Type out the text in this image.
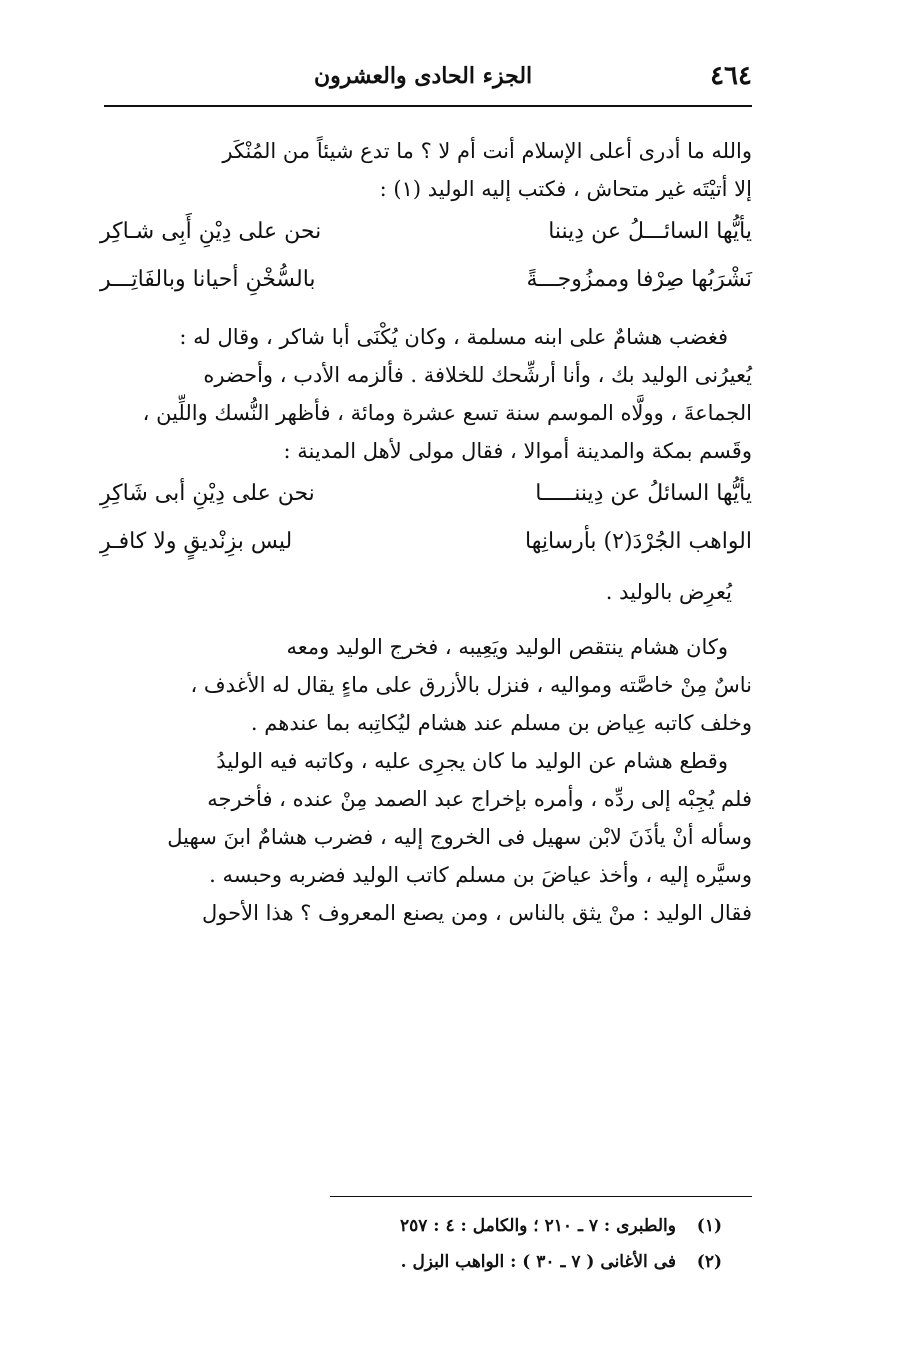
٤٦٤
الجزء الحادى والعشرون

والله ما أدرى أعلى الإسلام أنت أم لا ؟ ما تدع شيئاً من المُنْكَر

إلا أتيْتَه غير متحاش ، فكتب إليه الوليد (١) :

يأيُّها السائـــلُ عن دِيننا
نحن على دِيْنِ أَبِى شـاكِر
نَشْرَبُها صِرْفا وممزُوجـــةً
بالسُّخْنِ أحيانا وبالفَاتِـــر

فغضب هشامٌ على ابنه مسلمة ، وكان يُكْنَى أبا شاكر ، وقال له :

يُعيرُنى الوليد بك ، وأنا أرشِّحك للخلافة . فألزمه الأدب ، وأحضره

الجماعةَ ، وولَّاه الموسم سنة تسع عشرة ومائة ، فأظهر النُّسك واللِّين ،

وقَسم بمكة والمدينة أموالا ، فقال مولى لأهل المدينة :

يأيُّها السائلُ عن دِيننـــــا
نحن على دِيْنِ أبى شَاكِرِ
الواهب الجُرْدَ(٢) بأرسانِها
ليس بزِنْديقٍ ولا كافـرِ

يُعرِض بالوليد .

وكان هشام ينتقص الوليد ويَعِيبه ، فخرج الوليد ومعه

ناسٌ مِنْ خاصَّته ومواليه ، فنزل بالأزرق على ماءٍ يقال له الأغدف ،

وخلف كاتبه عِياض بن مسلم عند هشام ليُكاتِبه بما عندهم .

وقطع هشام عن الوليد ما كان يجرِى عليه ، وكاتبه فيه الوليدُ

فلم يُجِبْه إلى ردِّه ، وأمره بإخراج عبد الصمد مِنْ عنده ، فأخرجه

وسأله أنْ يأذَنَ لابْن سهيل فى الخروج إليه ، فضرب هشامٌ ابنَ سهيل

وسيَّره إليه ، وأخذ عياضَ بن مسلم كاتب الوليد فضربه وحبسه .

فقال الوليد : منْ يثق بالناس ، ومن يصنع المعروف ؟ هذا الأحول

(١)
والطبرى : ٧ ـ ٢١٠ ؛ والكامل : ٤ : ٢٥٧
(٢)
فى الأغانى ( ٧ ـ ٣٠ ) : الواهب البزل .
